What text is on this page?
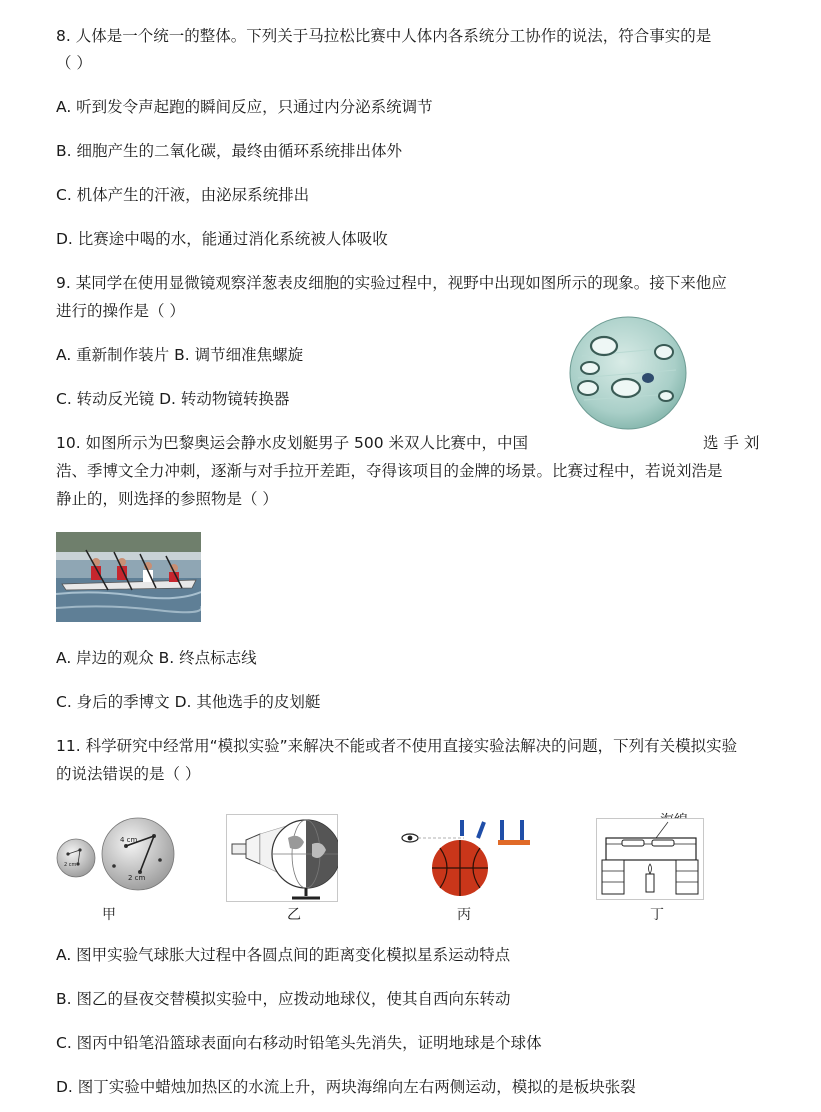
8. 人体是一个统一的整体。下列关于马拉松比赛中人体内各系统分工协作的说法，符合事实的是
（ ）
A. 听到发令声起跑的瞬间反应，只通过内分泌系统调节
B. 细胞产生的二氧化碳，最终由循环系统排出体外
C. 机体产生的汗液，由泌尿系统排出
D. 比赛途中喝的水，能通过消化系统被人体吸收
9. 某同学在使用显微镜观察洋葱表皮细胞的实验过程中，视野中出现如图所示的现象。接下来他应
进行的操作是（ ）
A. 重新制作装片 B. 调节细准焦螺旋
C. 转动反光镜 D. 转动物镜转换器
10. 如图所示为巴黎奥运会静水皮划艇男子 500 米双人比赛中，中国	选 手 刘
浩、季博文全力冲刺，逐渐与对手拉开差距，夺得该项目的金牌的场景。比赛过程中，若说刘浩是
静止的，则选择的参照物是（ ）
A. 岸边的观众 B. 终点标志线
C. 身后的季博文 D. 其他选手的皮划艇
11. 科学研究中经常用“模拟实验”来解决不能或者不使用直接实验法解决的问题，下列有关模拟实验
的说法错误的是（ ）
2 cm
4 cm
2 cm
甲	乙	丙	丁
A. 图甲实验气球胀大过程中各圆点间的距离变化模拟星系运动特点
B. 图乙的昼夜交替模拟实验中，应拨动地球仪，使其自西向东转动
C. 图丙中铅笔沿篮球表面向右移动时铅笔头先消失，证明地球是个球体
D. 图丁实验中蜡烛加热区的水流上升，两块海绵向左右两侧运动，模拟的是板块张裂
